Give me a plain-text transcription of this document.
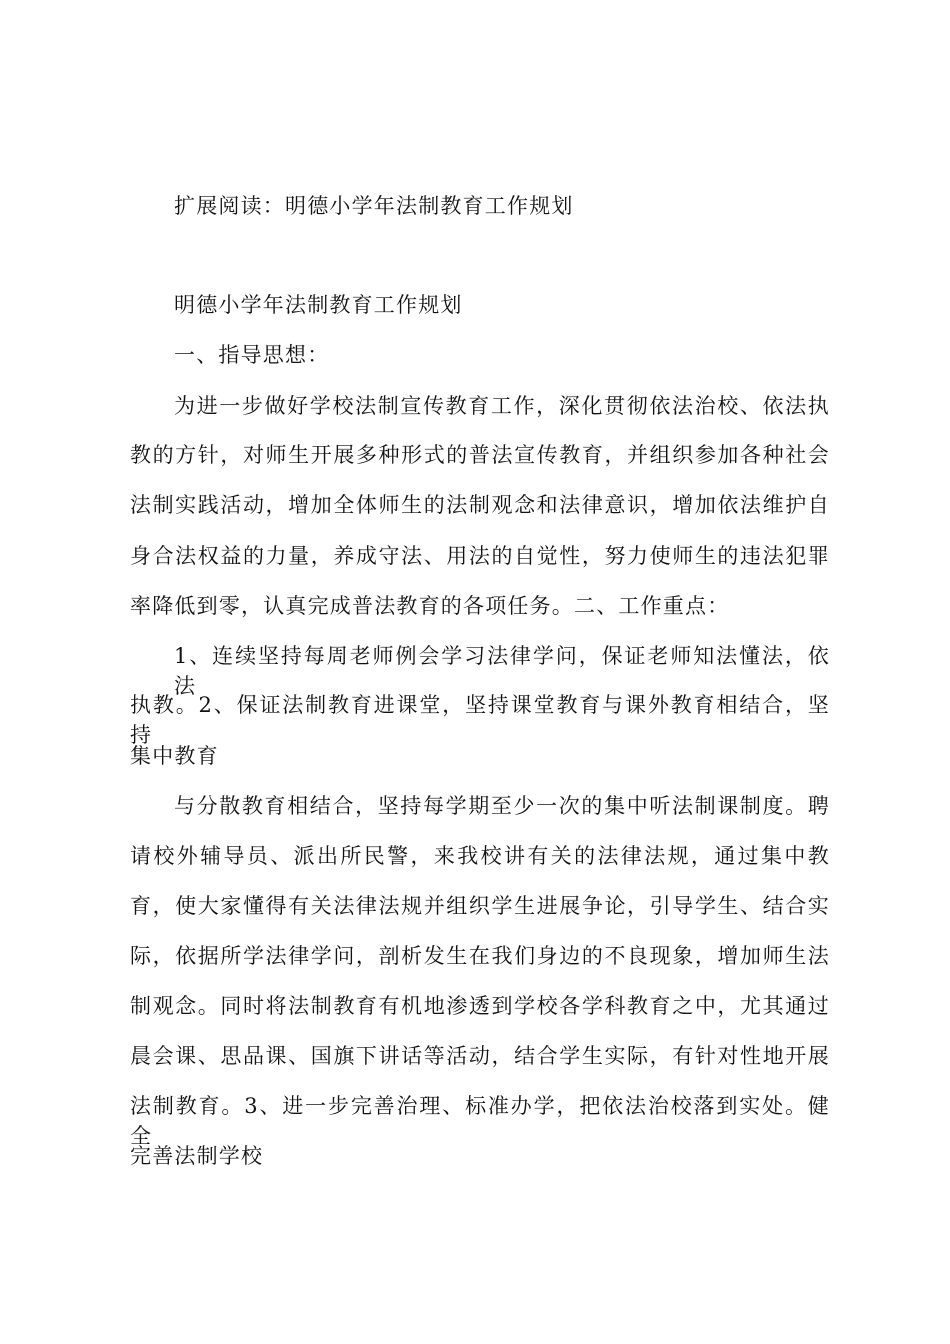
扩展阅读：明德小学年法制教育工作规划
明德小学年法制教育工作规划
一、指导思想：
为进一步做好学校法制宣传教育工作，深化贯彻依法治校、依法执
教的方针，对师生开展多种形式的普法宣传教育，并组织参加各种社会
法制实践活动，增加全体师生的法制观念和法律意识，增加依法维护自
身合法权益的力量，养成守法、用法的自觉性，努力使师生的违法犯罪
率降低到零，认真完成普法教育的各项任务。二、工作重点：
1、连续坚持每周老师例会学习法律学问，保证老师知法懂法，依法
执教。2、保证法制教育进课堂，坚持课堂教育与课外教育相结合，坚持
集中教育
与分散教育相结合，坚持每学期至少一次的集中听法制课制度。聘
请校外辅导员、派出所民警，来我校讲有关的法律法规，通过集中教
育，使大家懂得有关法律法规并组织学生进展争论，引导学生、结合实
际，依据所学法律学问，剖析发生在我们身边的不良现象，增加师生法
制观念。同时将法制教育有机地渗透到学校各学科教育之中，尤其通过
晨会课、思品课、国旗下讲话等活动，结合学生实际，有针对性地开展
法制教育。3、进一步完善治理、标准办学，把依法治校落到实处。健全
完善法制学校
